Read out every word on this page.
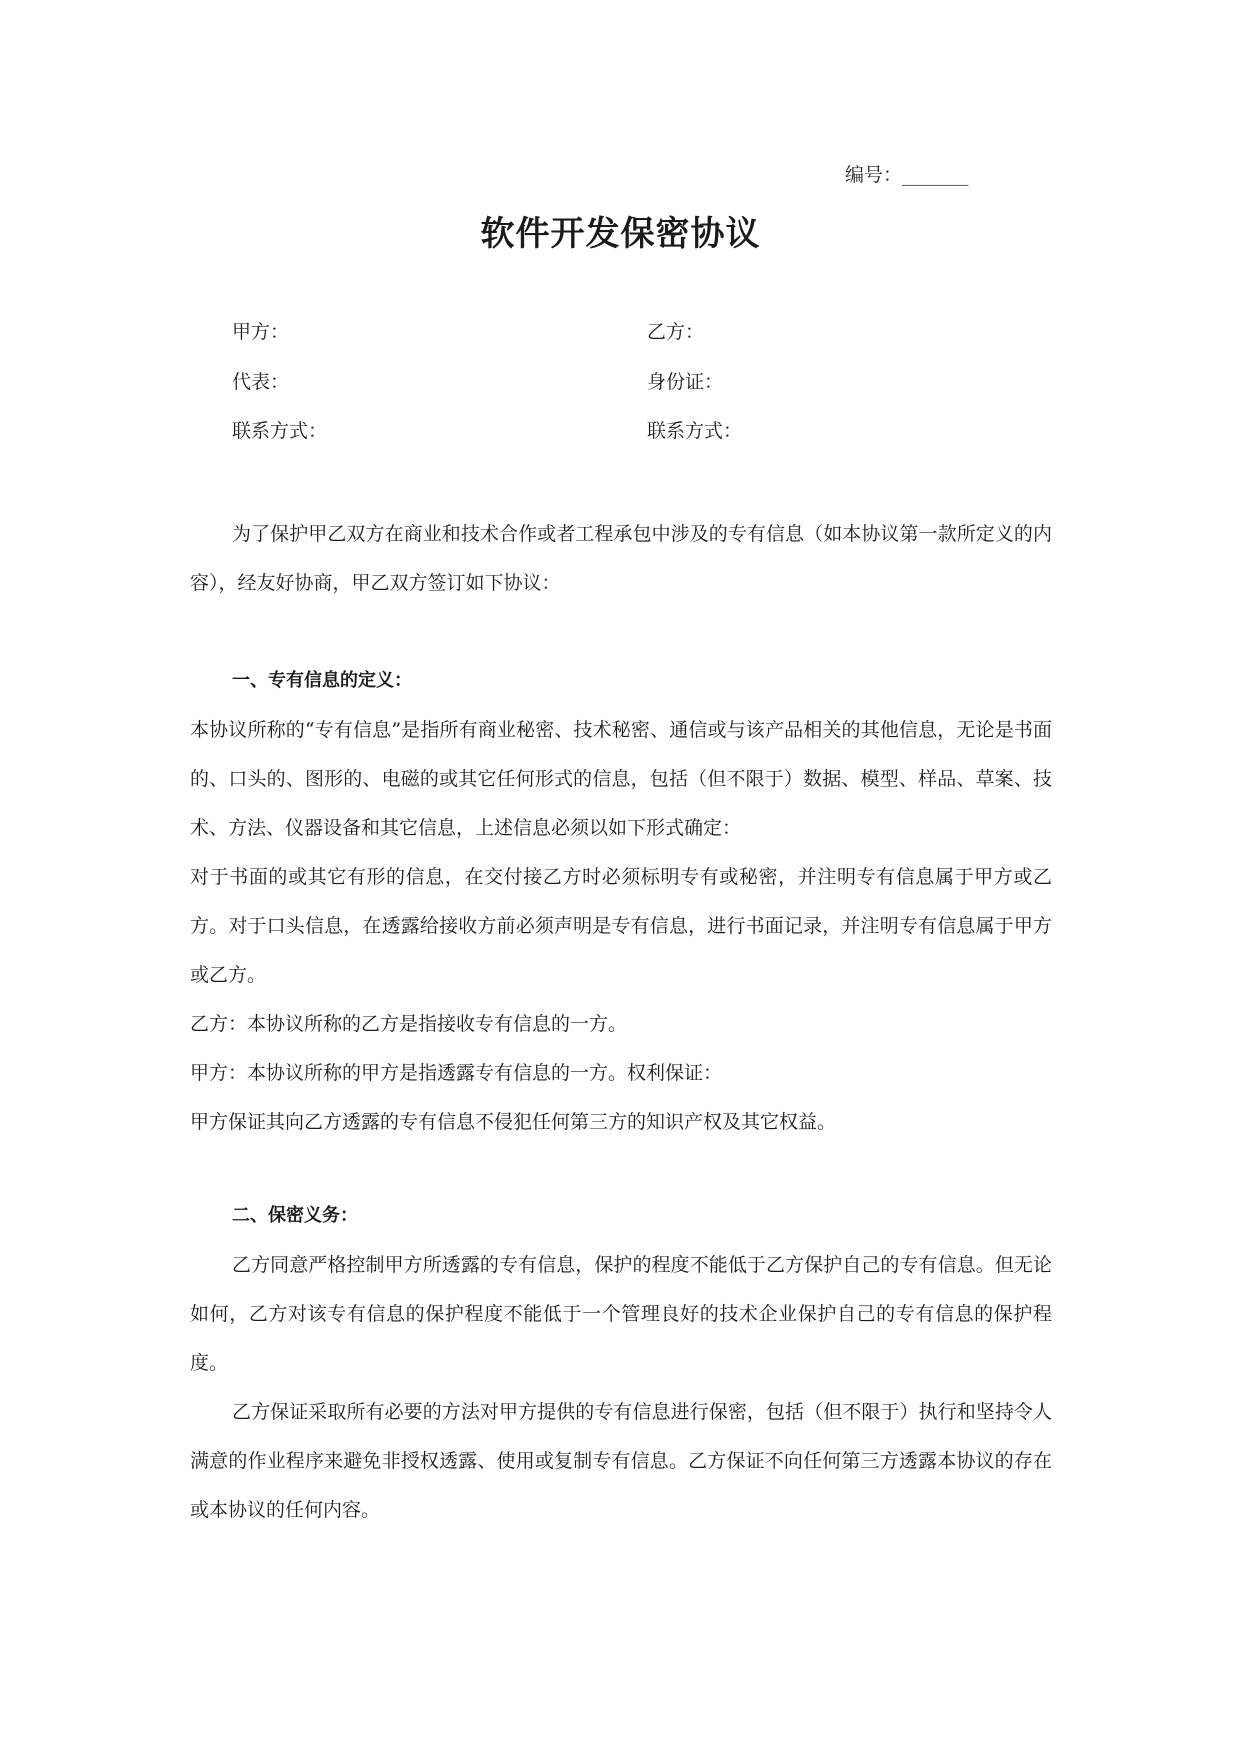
编号：_______
软件开发保密协议
甲方：	乙方：
代表：	身份证：
联系方式：	联系方式：

为了保护甲乙双方在商业和技术合作或者工程承包中涉及的专有信息（如本协议第一款所定义的内容），经友好协商，甲乙双方签订如下协议：

一、专有信息的定义：

本协议所称的“专有信息”是指所有商业秘密、技术秘密、通信或与该产品相关的其他信息，无论是书面的、口头的、图形的、电磁的或其它任何形式的信息，包括（但不限于）数据、模型、样品、草案、技术、方法、仪器设备和其它信息，上述信息必须以如下形式确定：

对于书面的或其它有形的信息，在交付接乙方时必须标明专有或秘密，并注明专有信息属于甲方或乙方。对于口头信息，在透露给接收方前必须声明是专有信息，进行书面记录，并注明专有信息属于甲方或乙方。

乙方：本协议所称的乙方是指接收专有信息的一方。

甲方：本协议所称的甲方是指透露专有信息的一方。权利保证：

甲方保证其向乙方透露的专有信息不侵犯任何第三方的知识产权及其它权益。

二、保密义务：

乙方同意严格控制甲方所透露的专有信息，保护的程度不能低于乙方保护自己的专有信息。但无论如何，乙方对该专有信息的保护程度不能低于一个管理良好的技术企业保护自己的专有信息的保护程度。

乙方保证采取所有必要的方法对甲方提供的专有信息进行保密，包括（但不限于）执行和坚持令人满意的作业程序来避免非授权透露、使用或复制专有信息。乙方保证不向任何第三方透露本协议的存在或本协议的任何内容。
